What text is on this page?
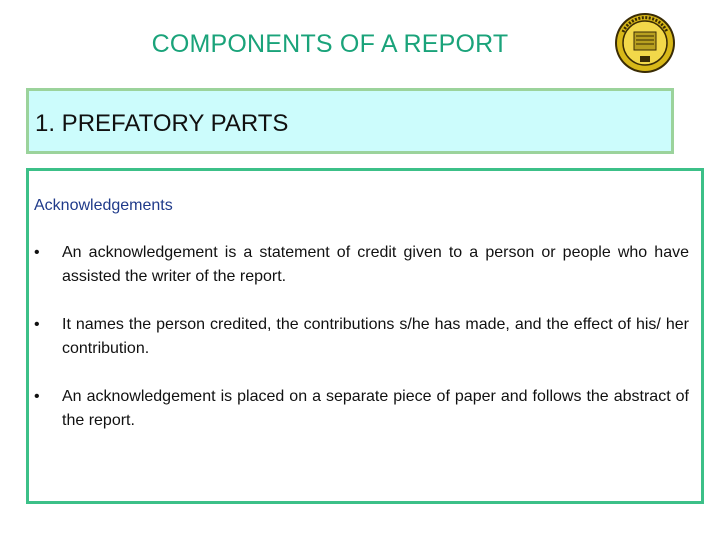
COMPONENTS OF A REPORT
1. PREFATORY PARTS
Acknowledgements
•	An acknowledgement is a statement of credit given to a person or people who have assisted the writer of the report.
•	It names the person credited, the contributions s/he has made, and the effect of his/ her contribution.
•	An acknowledgement is placed on a separate piece of paper and follows the abstract of the report.
